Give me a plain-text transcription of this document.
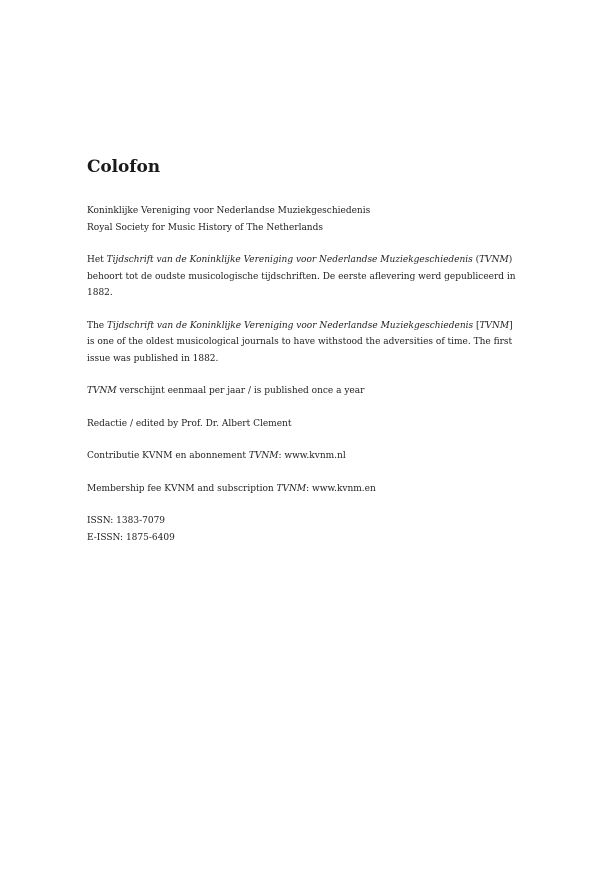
Colofon

Koninklijke Vereniging voor Nederlandse Muziekgeschiedenis
Royal Society for Music History of The Netherlands

Het Tijdschrift van de Koninklijke Vereniging voor Nederlandse Muziekgeschiedenis (TVNM) behoort tot de oudste musicologische tijdschriften. De eerste aflevering werd gepubliceerd in 1882.

The Tijdschrift van de Koninklijke Vereniging voor Nederlandse Muziekgeschiedenis [TVNM] is one of the oldest musicological journals to have withstood the adversities of time. The first issue was published in 1882.

TVNM verschijnt eenmaal per jaar / is published once a year

Redactie / edited by Prof. Dr. Albert Clement

Contributie KVNM en abonnement TVNM: www.kvnm.nl

Membership fee KVNM and subscription TVNM: www.kvnm.en

ISSN: 1383-7079
E-ISSN: 1875-6409
